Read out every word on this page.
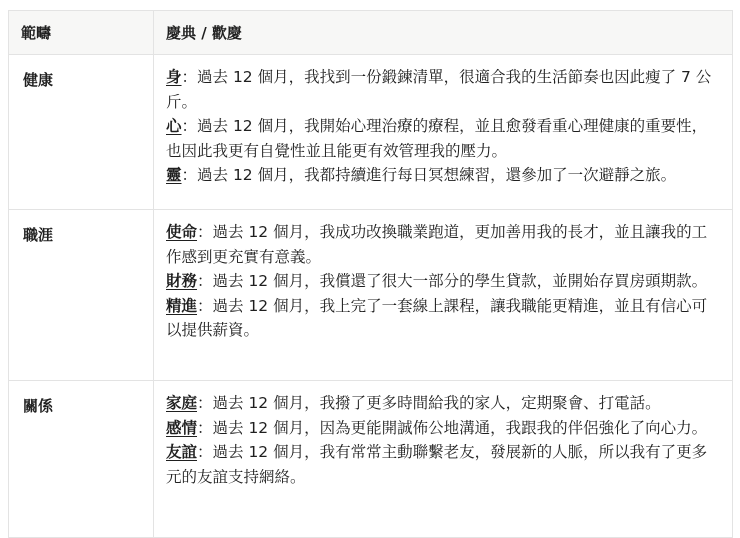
範疇	慶典 / 歡慶
健康	身：過去 12 個月，我找到一份鍛鍊清單，很適合我的生活節奏也因此瘦了 7 公斤。

心：過去 12 個月，我開始心理治療的療程，並且愈發看重心理健康的重要性，也因此我更有自覺性並且能更有效管理我的壓力。

靈：過去 12 個月，我都持續進行每日冥想練習，還參加了一次避靜之旅。

職涯	使命：過去 12 個月，我成功改換職業跑道，更加善用我的長才，並且讓我的工作感到更充實有意義。

財務：過去 12 個月，我償還了很大一部分的學生貸款，並開始存買房頭期款。

精進：過去 12 個月，我上完了一套線上課程，讓我職能更精進，並且有信心可以提供薪資。

關係	家庭：過去 12 個月，我撥了更多時間給我的家人，定期聚會、打電話。

感情：過去 12 個月，因為更能開誠佈公地溝通，我跟我的伴侶強化了向心力。

友誼：過去 12 個月，我有常常主動聯繫老友，發展新的人脈，所以我有了更多元的友誼支持網絡。
